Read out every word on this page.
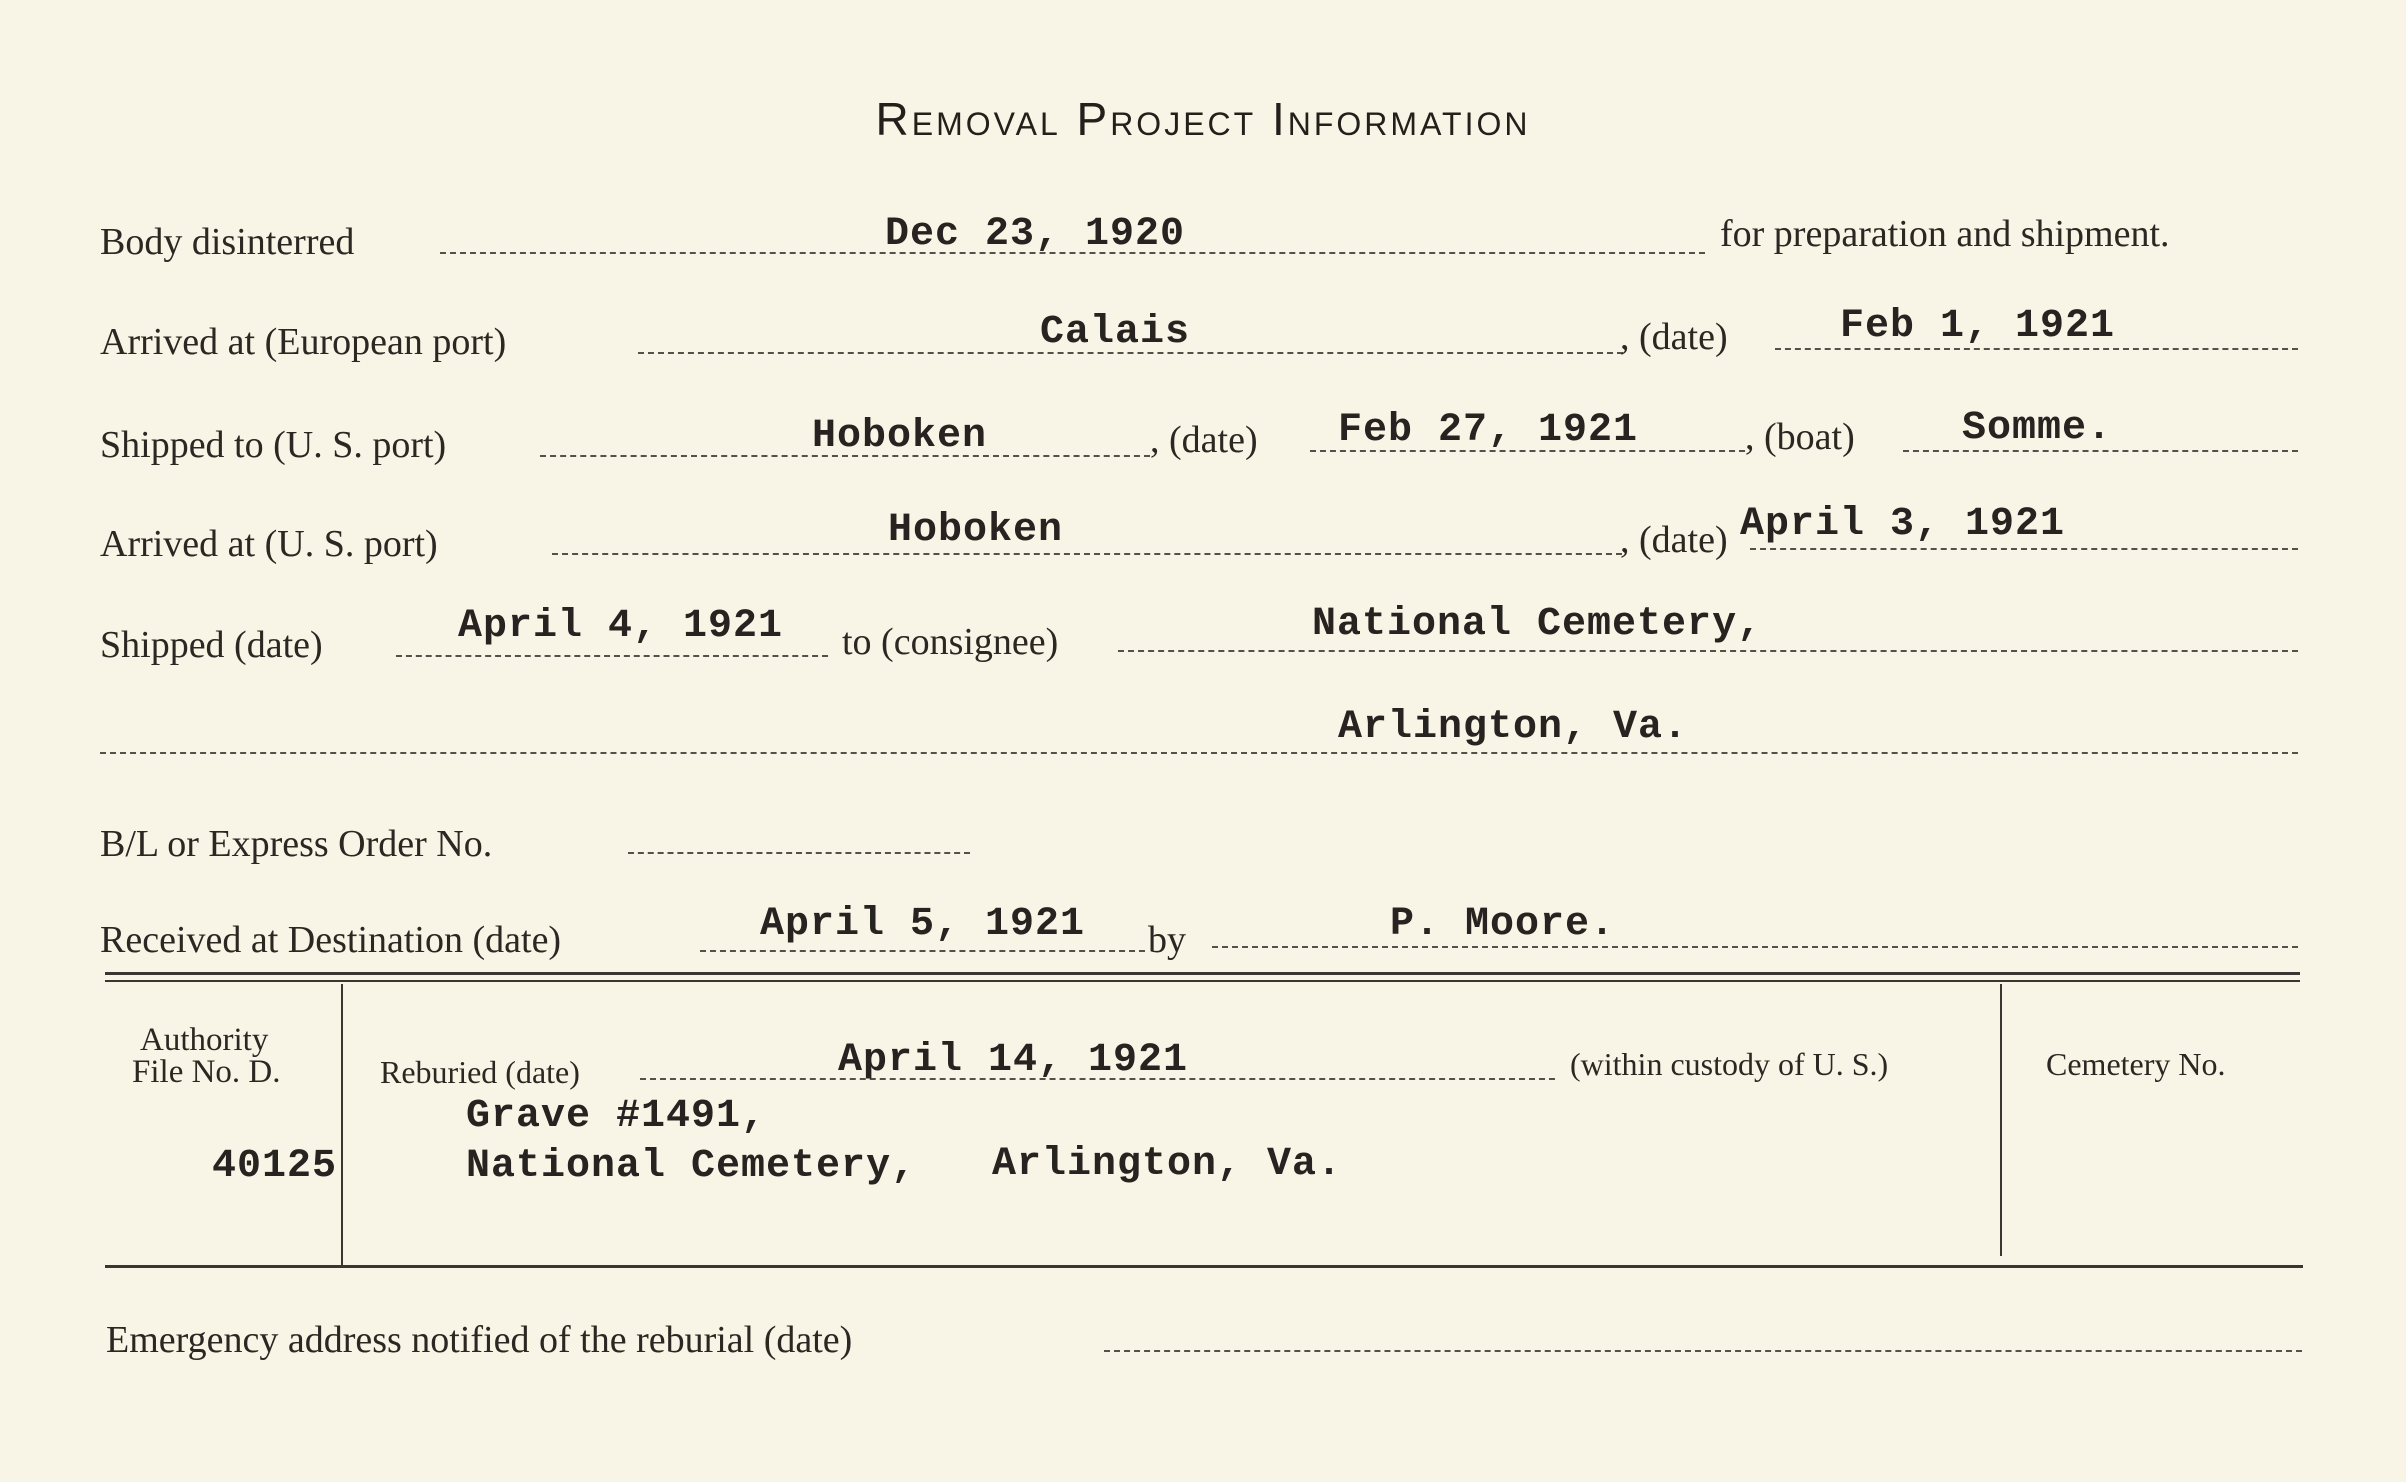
Removal Project Information
Body disinterred	Dec 23, 1920	for preparation and shipment.
Arrived at (European port)	Calais	, (date)	Feb 1, 1921
Shipped to (U. S. port)	Hoboken	, (date) Feb 27, 1921	, (boat)	Somme.
Arrived at (U. S. port)	Hoboken	, (date) April 3, 1921
Shipped (date)	April 4, 1921 to (consignee)	National Cemetery,
Arlington, Va.
B/L or Express Order No.
Received at Destination (date)	April 5, 1921 by	P. Moore.
Authority
File No. D.
40125
Reburied (date)	April 14, 1921	(within custody of U. S.)
Grave #1491,
National Cemetery, Arlington, Va.
Cemetery No.
Emergency address notified of the reburial (date)
